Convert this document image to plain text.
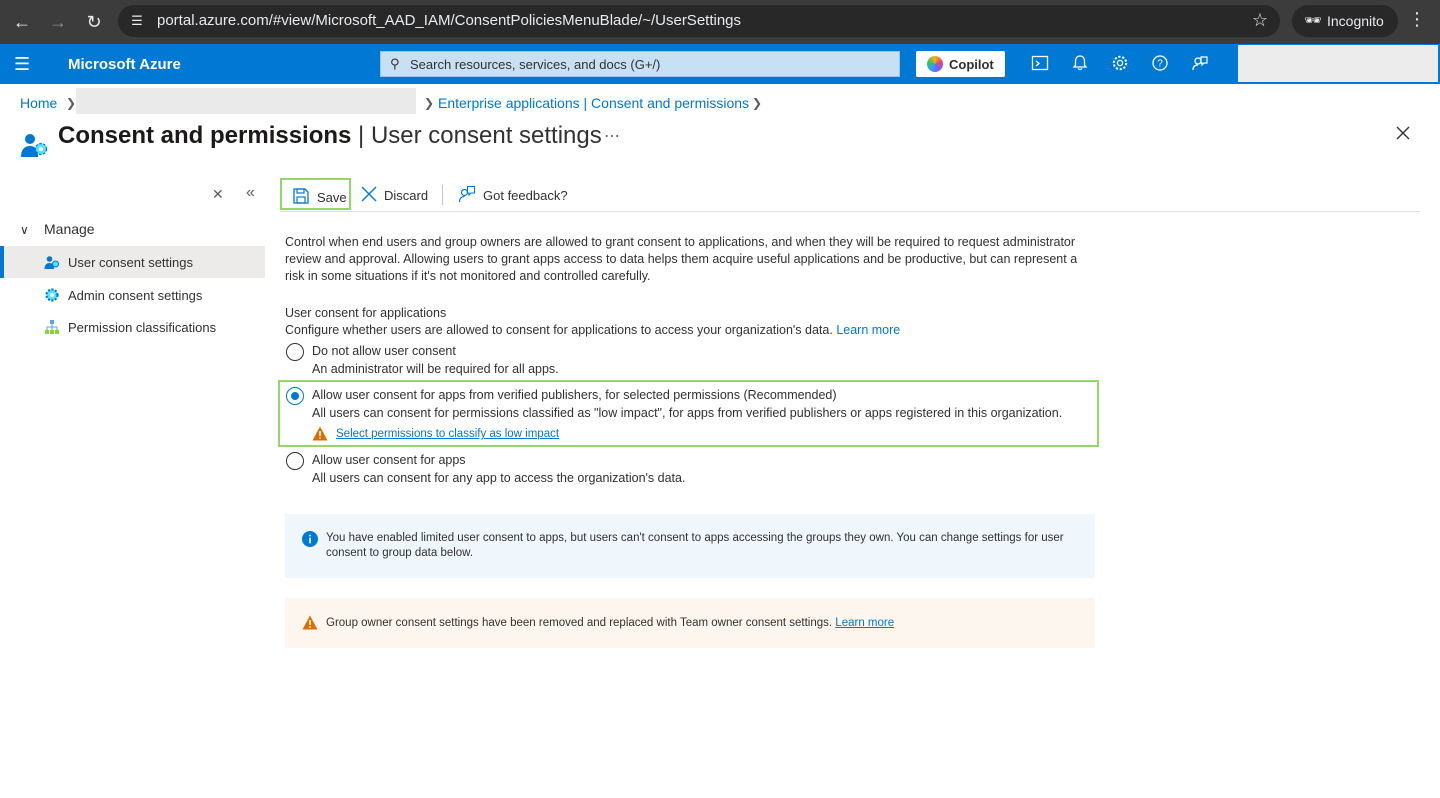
← → ↻	☰ portal.azure.com/#view/Microsoft_AAD_IAM/ConsentPoliciesMenuBlade/~/UserSettings	☆	🕶 Incognito ⋮
☰	Microsoft Azure	⚲ Search resources, services, and docs (G+/)	Copilot	?
Home ❯	❯ Enterprise applications | Consent and permissions ❯
Consent and permissions | User consent settings ⋯
✕ «
∨ Manage
User consent settings
Admin consent settings
Permission classifications
Save	Discard	Got feedback?

Control when end users and group owners are allowed to grant consent to applications, and when they will be required to request administrator review and approval. Allowing users to grant apps access to data helps them acquire useful applications and be productive, but can represent a risk in some situations if it's not monitored and controlled carefully.

User consent for applications
Configure whether users are allowed to consent for applications to access your organization's data. Learn more
Do not allow user consent
An administrator will be required for all apps.
Allow user consent for apps from verified publishers, for selected permissions (Recommended)
All users can consent for permissions classified as "low impact", for apps from verified publishers or apps registered in this organization.
Select permissions to classify as low impact
Allow user consent for apps
All users can consent for any app to access the organization's data.
You have enabled limited user consent to apps, but users can't consent to apps accessing the groups they own. You can change settings for user consent to group data below.
Group owner consent settings have been removed and replaced with Team owner consent settings. Learn more
